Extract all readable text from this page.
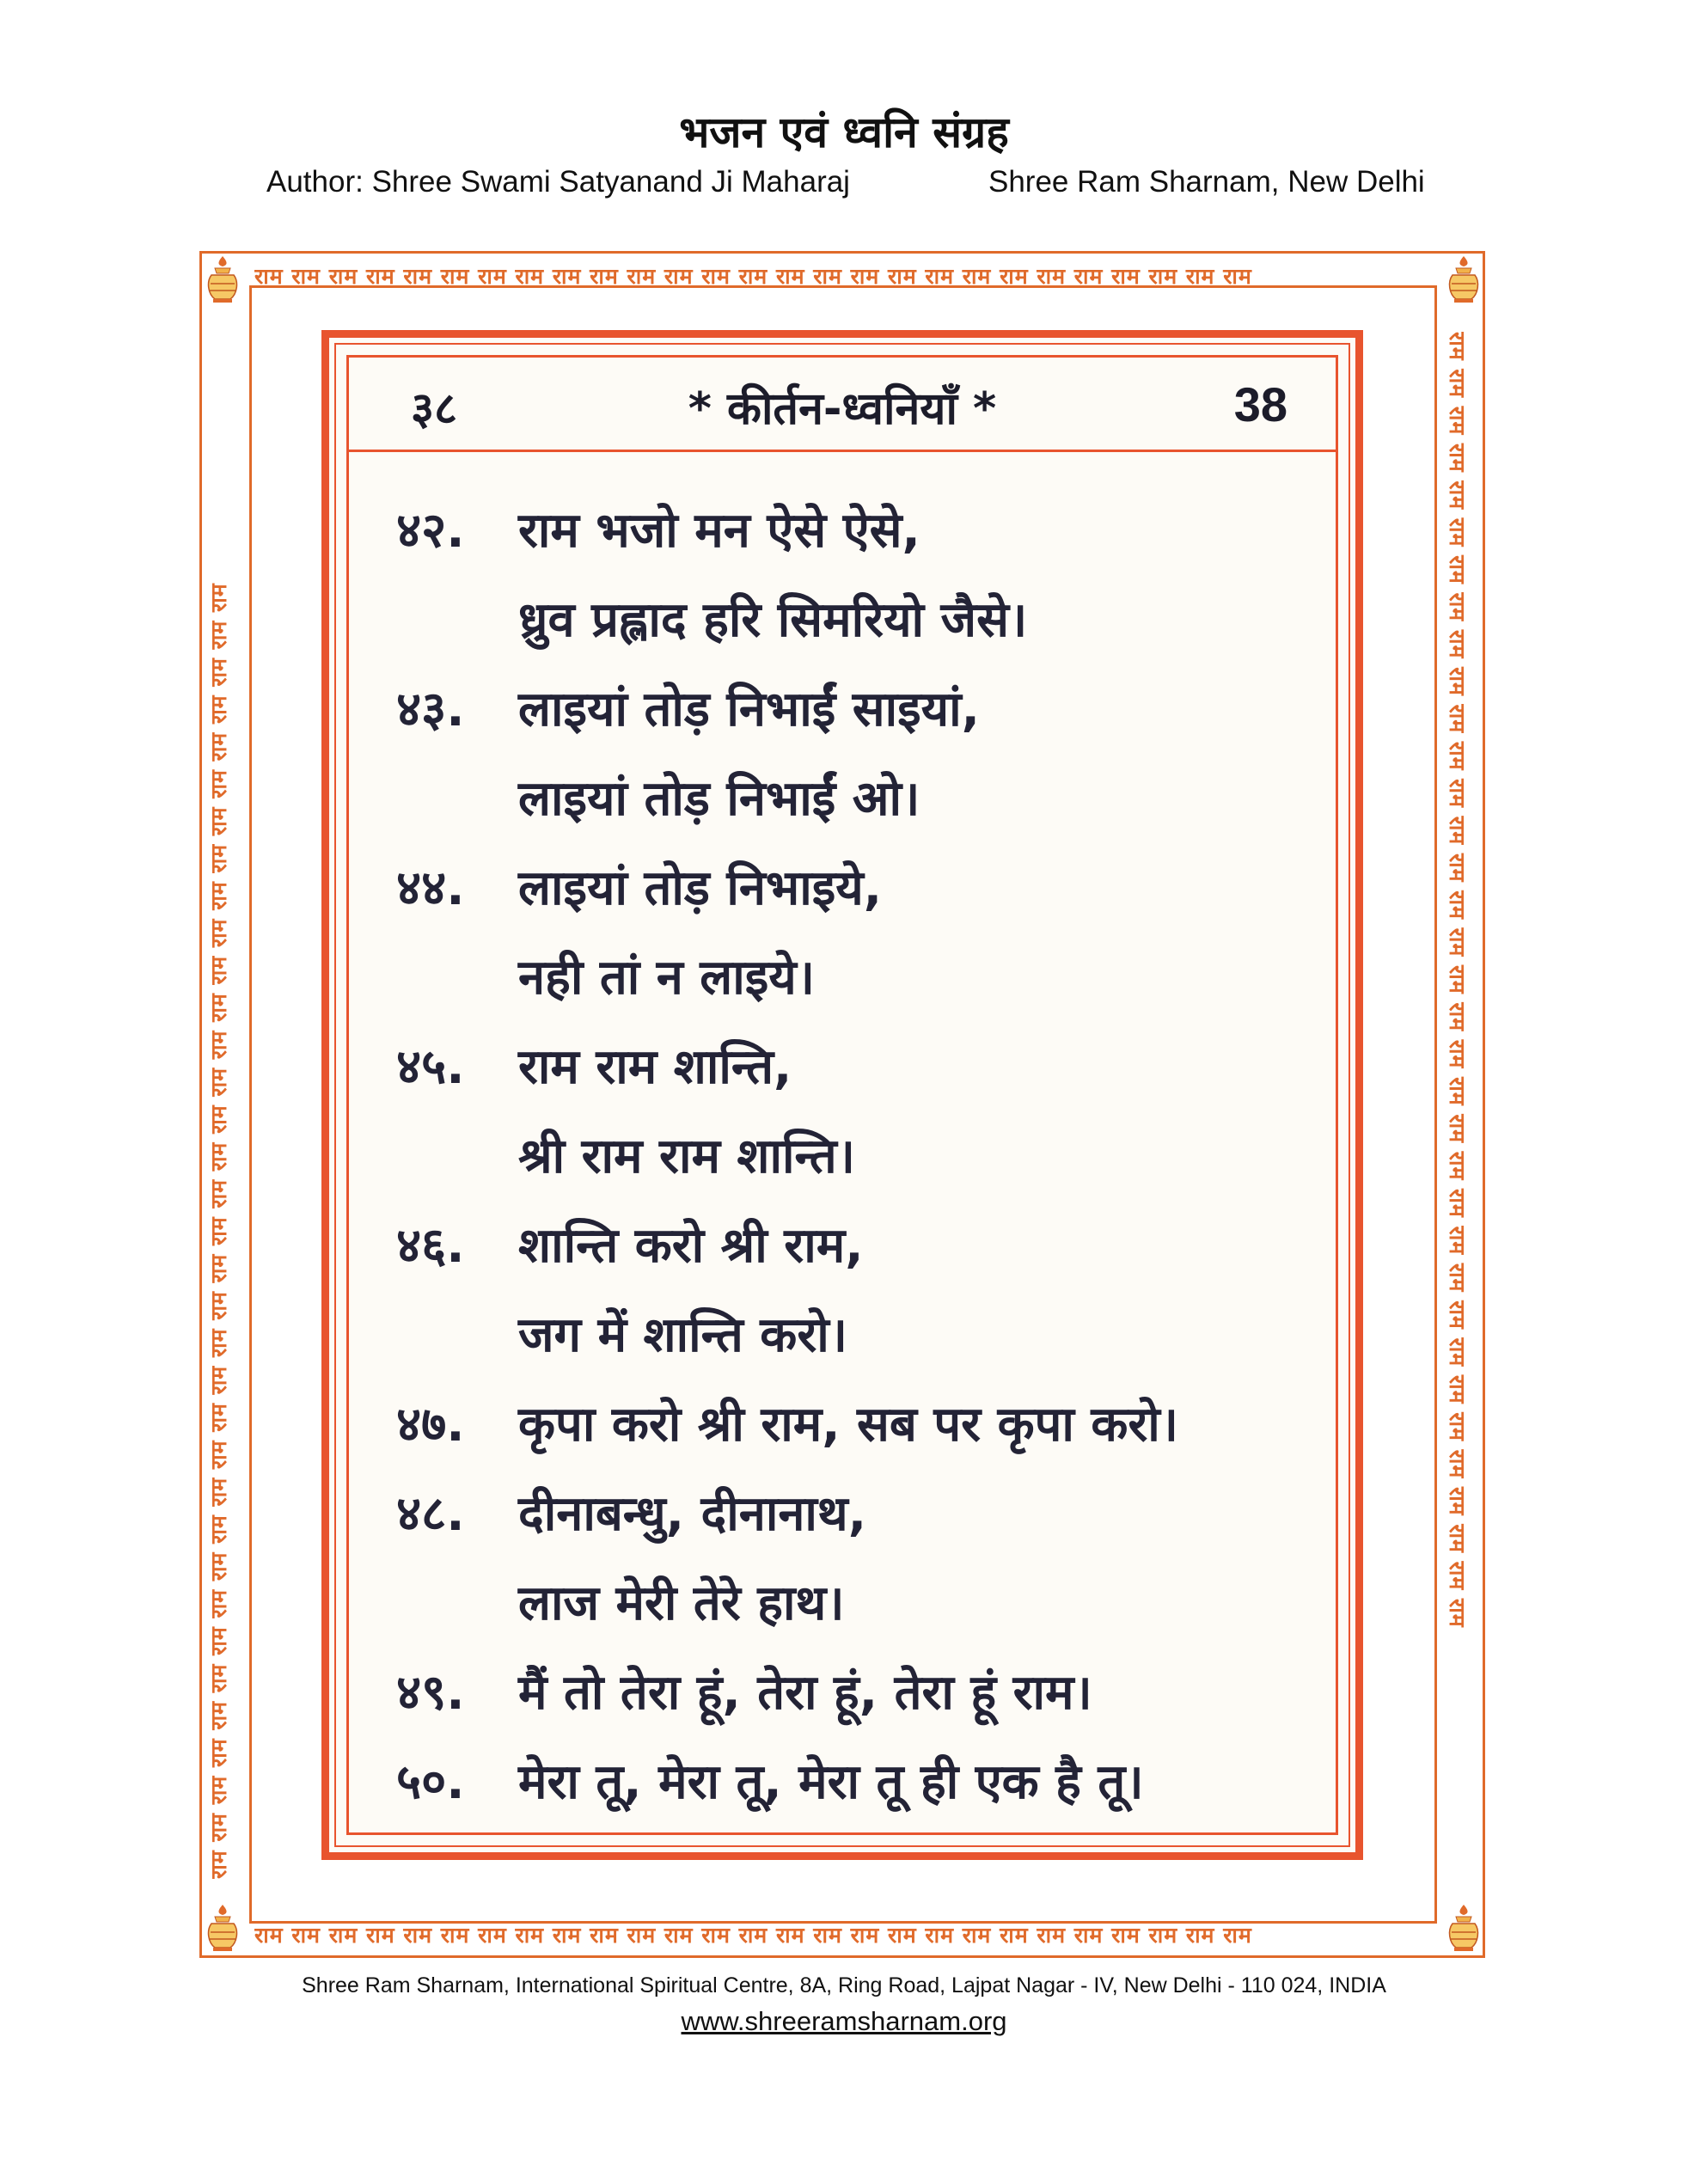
भजन एवं ध्वनि संग्रह
Author: Shree Swami Satyanand Ji Maharaj	Shree Ram Sharnam, New Delhi
राम राम राम राम राम राम राम राम राम राम राम राम राम राम राम राम राम राम राम राम राम राम राम राम राम राम राम
राम राम राम राम राम राम राम राम राम राम राम राम राम राम राम राम राम राम राम राम राम राम राम राम राम राम राम
राम राम राम राम राम राम राम राम राम राम राम राम राम राम राम राम राम राम राम राम राम राम राम राम राम राम राम राम राम राम राम राम राम राम राम	राम राम राम राम राम राम राम राम राम राम राम राम राम राम राम राम राम राम राम राम राम राम राम राम राम राम राम राम राम राम राम राम राम राम राम
३८	* कीर्तन-ध्वनियाँ *	38
४२. राम भजो मन ऐसे ऐसे,
ध्रुव प्रह्लाद हरि सिमरियो जैसे।
४३. लाइयां तोड़ निभाईं साइयां,
लाइयां तोड़ निभाईं ओ।
४४. लाइयां तोड़ निभाइये,
नही तां न लाइये।
४५. राम राम शान्ति,
श्री राम राम शान्ति।
४६. शान्ति करो श्री राम,
जग में शान्ति करो।
४७. कृपा करो श्री राम, सब पर कृपा करो।
४८. दीनाबन्धु, दीनानाथ,
लाज मेरी तेरे हाथ।
४९. मैं तो तेरा हूं, तेरा हूं, तेरा हूं राम।
५०. मेरा तू, मेरा तू, मेरा तू ही एक है तू।
Shree Ram Sharnam, International Spiritual Centre, 8A, Ring Road, Lajpat Nagar - IV, New Delhi - 110 024, INDIA
www.shreeramsharnam.org
